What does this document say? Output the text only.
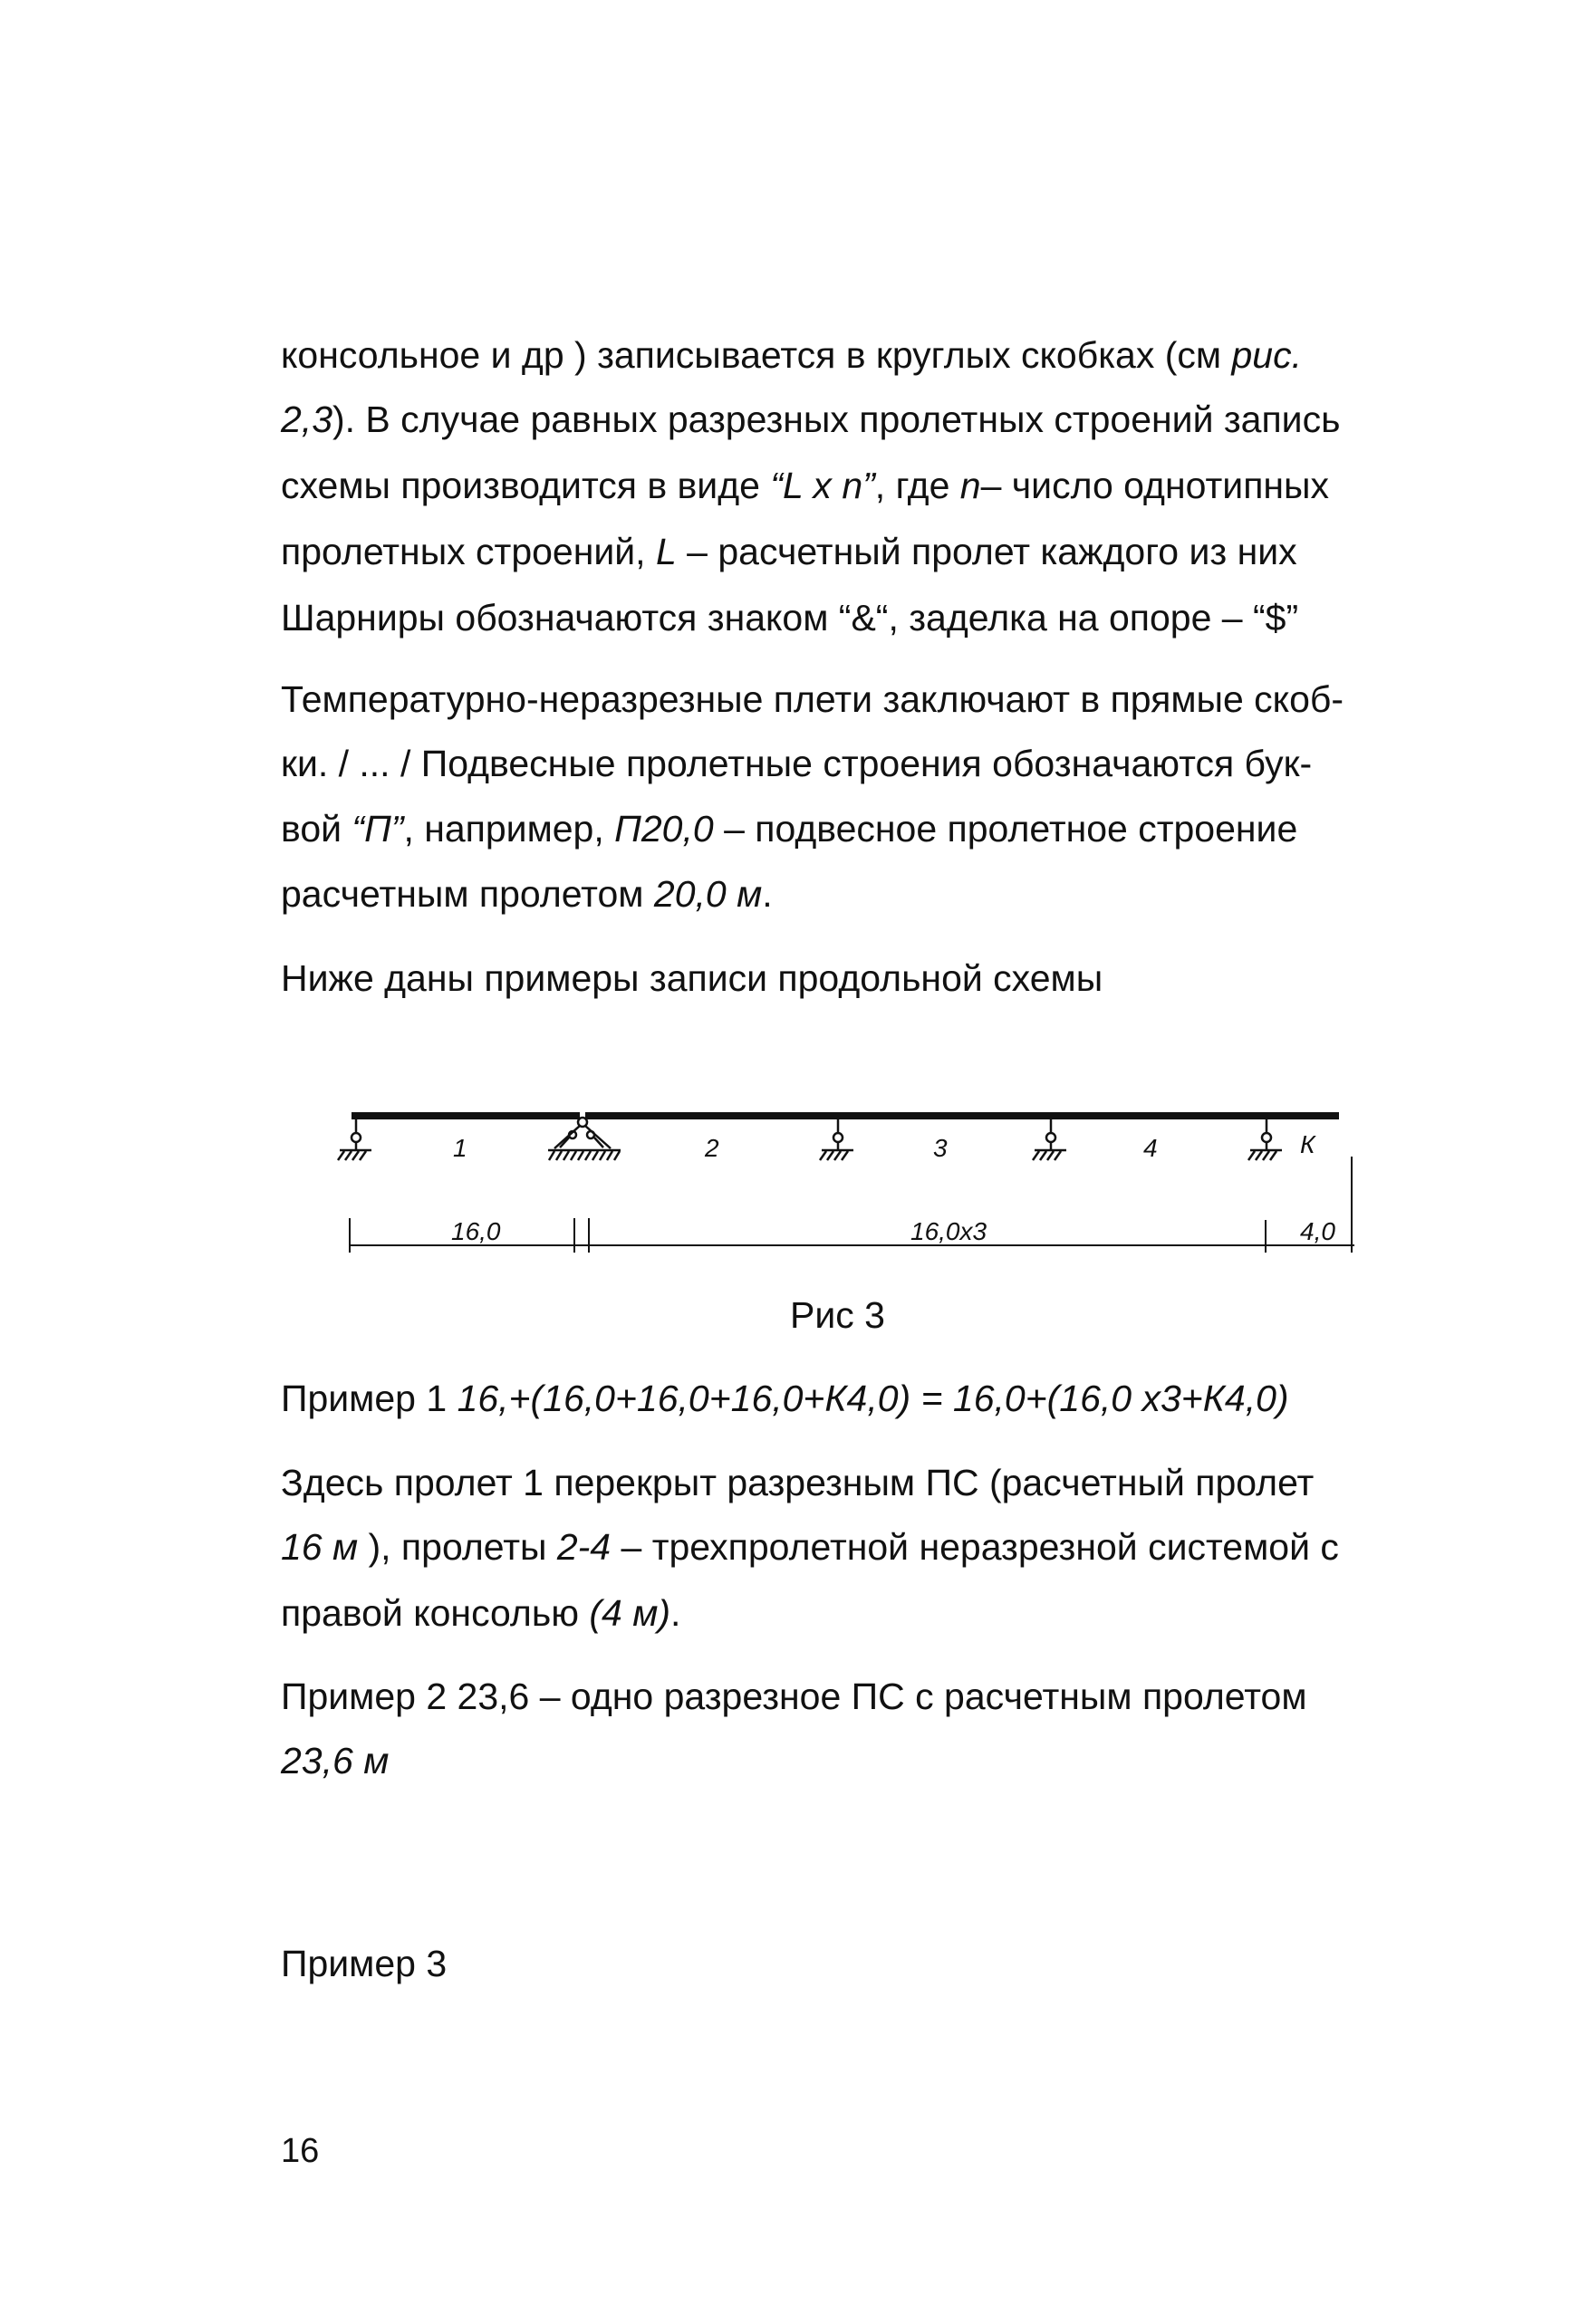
консольное и др ) записывается в круглых скобках (см рис.
2,3). В случае равных разрезных пролетных строений запись
схемы производится в виде “L x n”, где n– число однотипных
пролетных строений, L – расчетный пролет каждого из них
Шарниры обозначаются знаком “&“, заделка на опоре – “$”
Температурно-неразрезные плети заключают в прямые скоб-
ки. / ... / Подвесные пролетные строения обозначаются бук-
вой “П”, например, П20,0 – подвесное пролетное строение
расчетным пролетом 20,0 м.
Ниже даны примеры записи продольной схемы
1	2	3	4	К
16,0	16,0x3	4,0
Рис 3
Пример 1 16,+(16,0+16,0+16,0+К4,0) = 16,0+(16,0 х3+К4,0)
Здесь пролет 1 перекрыт разрезным ПС (расчетный пролет
16 м ), пролеты 2-4 – трехпролетной неразрезной системой с
правой консолью (4 м).
Пример 2 23,6 – одно разрезное ПС с расчетным пролетом
23,6 м
Пример 3
16
